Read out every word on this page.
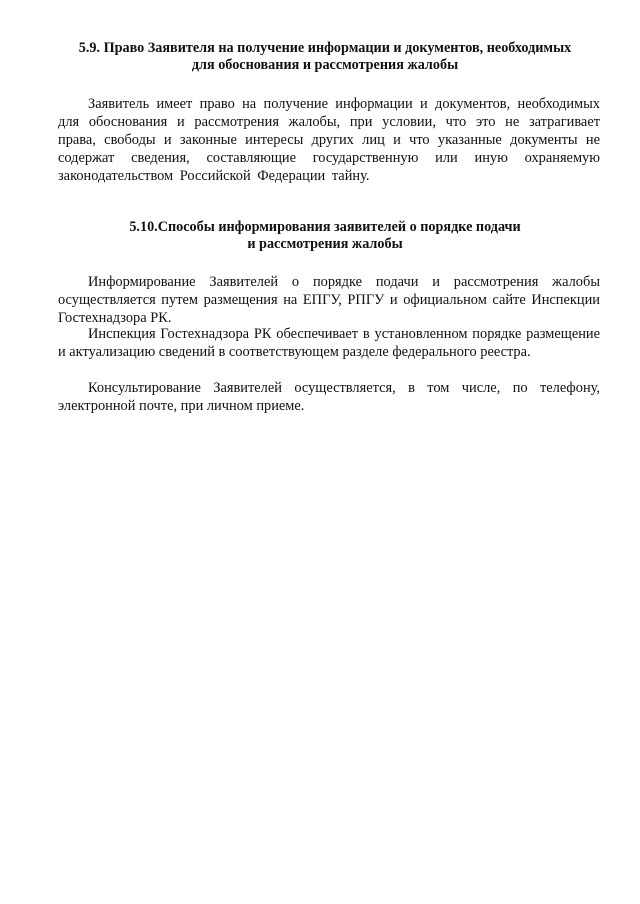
5.9. Право Заявителя на получение информации и документов, необходимых
для обоснования и рассмотрения жалобы

Заявитель имеет право на получение информации и документов, необходимых для обоснования и рассмотрения жалобы, при условии, что это не затрагивает права, свободы и законные интересы других лиц и что указанные документы не содержат сведения, составляющие государственную или иную охраняемую законодательством Российской Федерации тайну.

5.10.Способы информирования заявителей о порядке подачи
и рассмотрения жалобы

Информирование Заявителей о порядке подачи и рассмотрения жалобы осуществляется путем размещения на ЕПГУ, РПГУ и официальном сайте Инспекции Гостехнадзора РК.

Инспекция Гостехнадзора РК обеспечивает в установленном порядке размещение и актуализацию сведений в соответствующем разделе федерального реестра.

Консультирование Заявителей осуществляется, в том числе, по телефону, электронной почте, при личном приеме.
